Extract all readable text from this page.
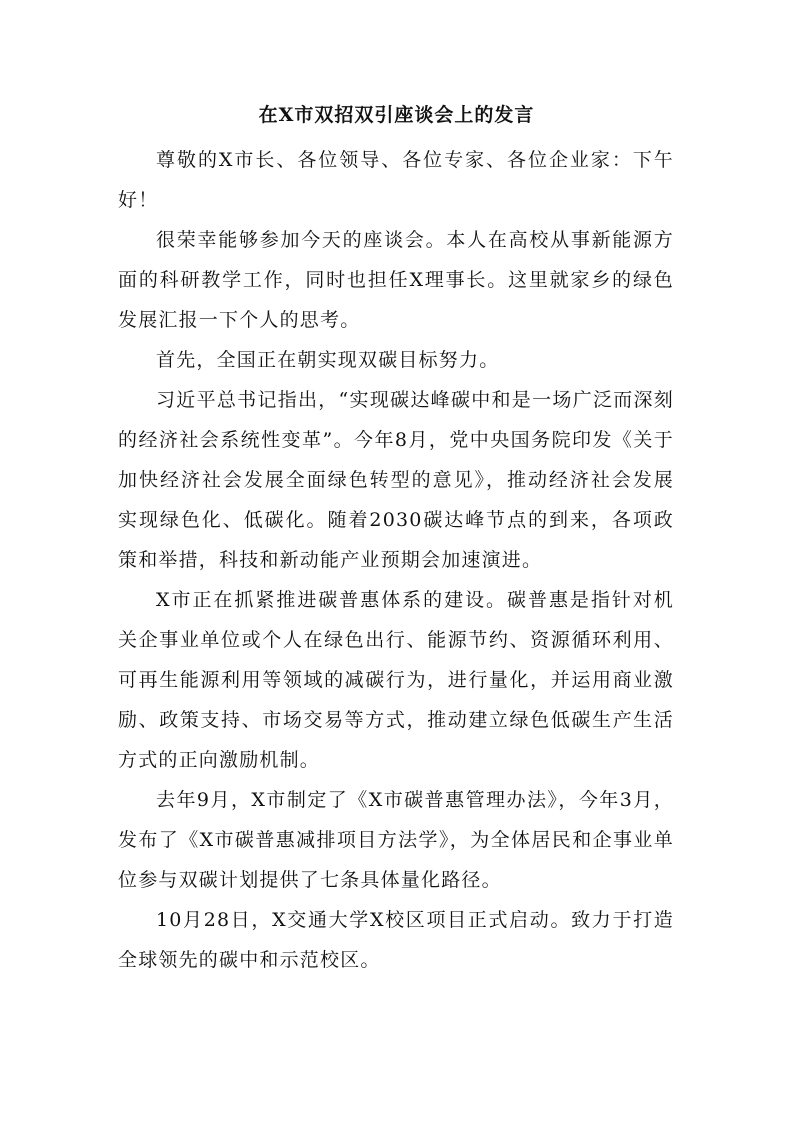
在X市双招双引座谈会上的发言

尊敬的X市长、各位领导、各位专家、各位企业家：下午好！

很荣幸能够参加今天的座谈会。本人在高校从事新能源方面的科研教学工作，同时也担任X理事长。这里就家乡的绿色发展汇报一下个人的思考。

首先，全国正在朝实现双碳目标努力。

习近平总书记指出，“实现碳达峰碳中和是一场广泛而深刻的经济社会系统性变革”。今年8月，党中央国务院印发《关于加快经济社会发展全面绿色转型的意见》，推动经济社会发展实现绿色化、低碳化。随着2030碳达峰节点的到来，各项政策和举措，科技和新动能产业预期会加速演进。

X市正在抓紧推进碳普惠体系的建设。碳普惠是指针对机关企事业单位或个人在绿色出行、能源节约、资源循环利用、可再生能源利用等领域的减碳行为，进行量化，并运用商业激励、政策支持、市场交易等方式，推动建立绿色低碳生产生活方式的正向激励机制。

去年9月，X市制定了《X市碳普惠管理办法》，今年3月，发布了《X市碳普惠减排项目方法学》，为全体居民和企事业单位参与双碳计划提供了七条具体量化路径。

10月28日，X交通大学X校区项目正式启动。致力于打造全球领先的碳中和示范校区。
